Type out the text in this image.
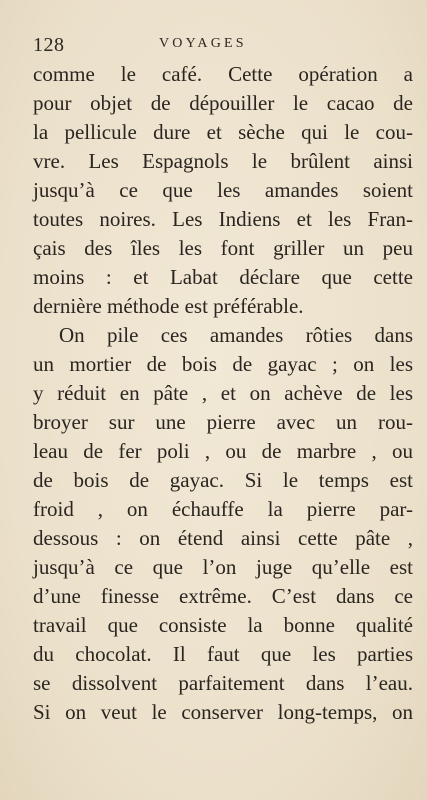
128	VOYAGES
comme le café. Cette opération a
pour objet de dépouiller le cacao de
la pellicule dure et sèche qui le cou-
vre. Les Espagnols le brûlent ainsi
jusqu’à ce que les amandes soient
toutes noires. Les Indiens et les Fran-
çais des îles les font griller un peu
moins : et Labat déclare que cette
dernière méthode est préférable.
On pile ces amandes rôties dans
un mortier de bois de gayac ; on les
y réduit en pâte , et on achève de les
broyer sur une pierre avec un rou-
leau de fer poli , ou de marbre , ou
de bois de gayac. Si le temps est
froid , on échauffe la pierre par-
dessous : on étend ainsi cette pâte ,
jusqu’à ce que l’on juge qu’elle est
d’une finesse extrême. C’est dans ce
travail que consiste la bonne qualité
du chocolat. Il faut que les parties
se dissolvent parfaitement dans l’eau.
Si on veut le conserver long-temps, on
